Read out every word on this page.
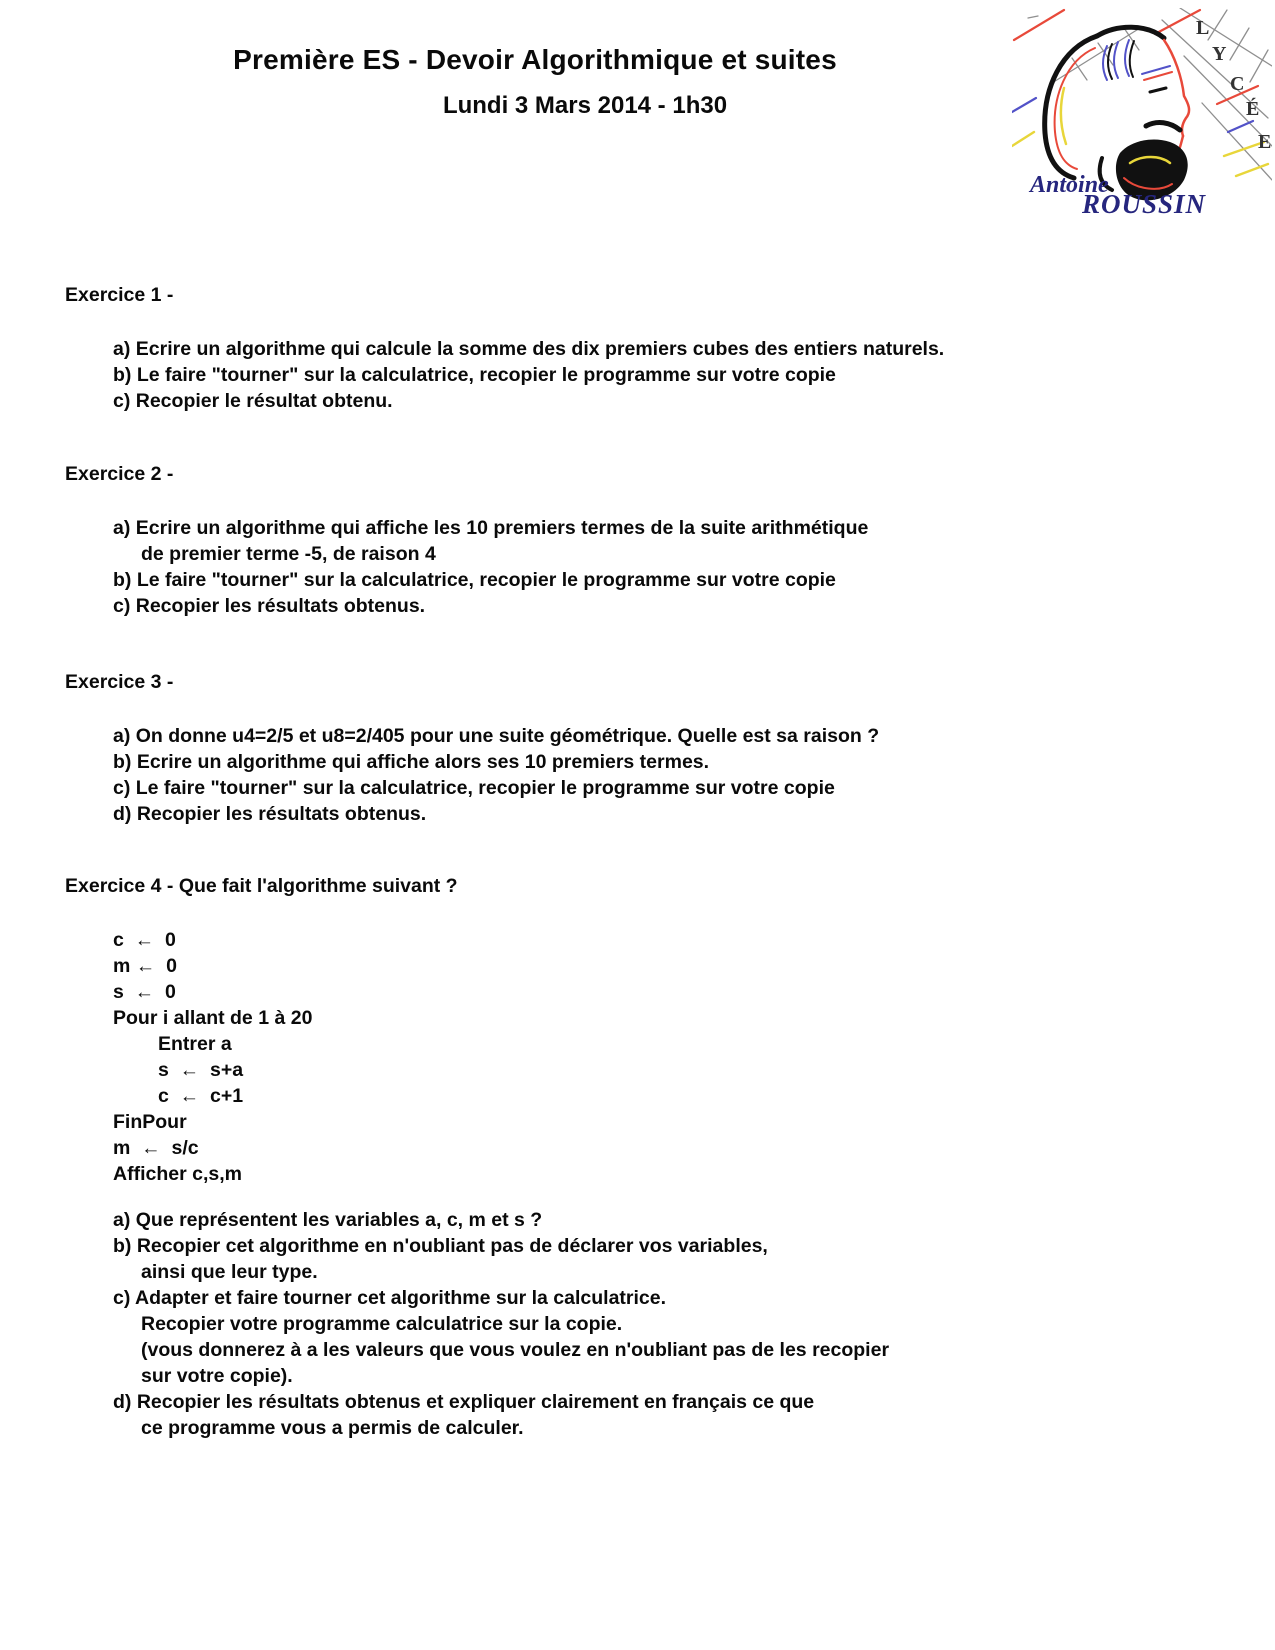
Première ES - Devoir Algorithmique et suites
Lundi 3 Mars 2014 - 1h30
L
Y
C
É
E
Antoine
ROUSSIN
Exercice 1 -
a) Ecrire un algorithme qui calcule la somme des dix premiers cubes des entiers naturels.
b) Le faire "tourner" sur la calculatrice, recopier le programme sur votre copie
c) Recopier le résultat obtenu.
Exercice 2 -
a) Ecrire un algorithme qui affiche les 10 premiers termes de la suite arithmétique
de premier terme -5, de raison 4
b) Le faire "tourner" sur la calculatrice, recopier le programme sur votre copie
c) Recopier les résultats obtenus.
Exercice 3 -
a) On donne u4=2/5 et u8=2/405 pour une suite géométrique. Quelle est sa raison ?
b) Ecrire un algorithme qui affiche alors ses 10 premiers termes.
c) Le faire "tourner" sur la calculatrice, recopier le programme sur votre copie
d) Recopier les résultats obtenus.
Exercice 4 - Que fait l'algorithme suivant ?
c  ←  0
m ←  0
s  ←  0
Pour i allant de 1 à 20
Entrer a
s  ←  s+a
c  ←  c+1
FinPour
m  ←  s/c
Afficher c,s,m
a) Que représentent les variables a, c, m et s ?
b) Recopier cet algorithme en n'oubliant pas de déclarer vos variables,
ainsi que leur type.
c) Adapter et faire tourner cet algorithme sur la calculatrice.
Recopier votre programme calculatrice sur la copie.
(vous donnerez à a les valeurs que vous voulez en n'oubliant pas de les recopier
sur votre copie).
d) Recopier les résultats obtenus et expliquer clairement en français ce que
ce programme vous a permis de calculer.
